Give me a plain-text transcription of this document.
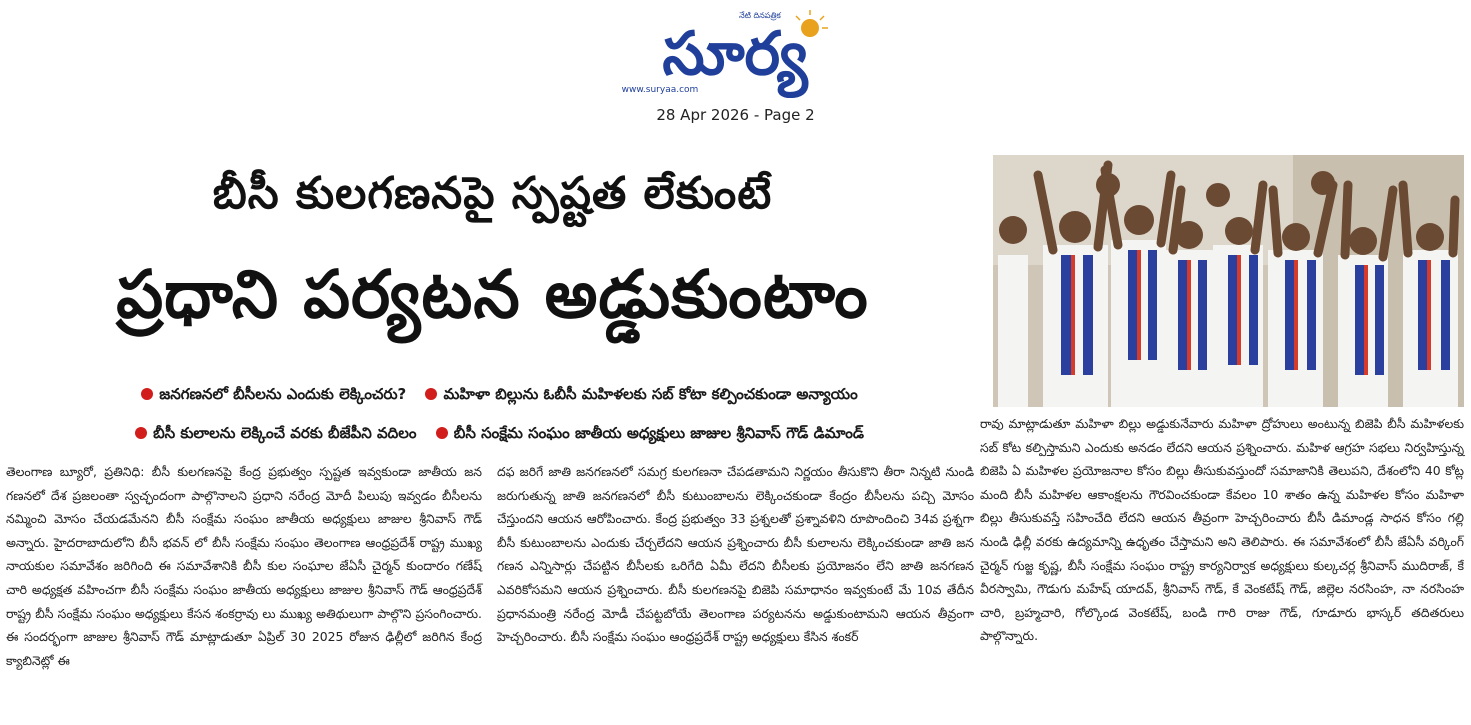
సూర్య
నేటి దినపత్రిక
www.suryaa.com
28 Apr 2026 - Page 2
బీసీ కులగణనపై స్పష్టత లేకుంటే
ప్రధాని పర్యటన అడ్డుకుంటాం
జనగణనలో బీసీలను ఎందుకు లెక్కించరు? మహిళా బిల్లును ఓబీసీ మహిళలకు సబ్ కోటా కల్పించకుండా అన్యాయం
బీసీ కులాలను లెక్కించే వరకు బీజేపీని వదిలం బీసీ సంక్షేమ సంఘం జాతీయ అధ్యక్షులు జాజుల శ్రీనివాస్ గౌడ్ డిమాండ్

తెలంగాణ బ్యూరో, ప్రతినిధి: బీసీ కులగణనపై కేంద్ర ప్రభుత్వం స్పష్టత ఇవ్వకుండా జాతీయ జన గణనలో దేశ ప్రజలంతా స్వచ్ఛందంగా పాల్గొనాలని ప్రధాని నరేంద్ర మోదీ పిలుపు ఇవ్వడం బీసీలను నమ్మించి మోసం చేయడమేనని బీసీ సంక్షేమ సంఘం జాతీయ అధ్యక్షులు జాజుల శ్రీనివాస్ గౌడ్ అన్నారు. హైదరాబాదులోని బీసీ భవన్ లో బీసీ సంక్షేమ సంఘం తెలంగాణ ఆంధ్రప్రదేశ్ రాష్ట్ర ముఖ్య నాయకుల సమావేశం జరిగింది ఈ సమావేశానికి బీసీ కుల సంఘాల జేఏసీ చైర్మన్ కుందారం గణేష్ చారి అధ్యక్షత వహించగా బీసీ సంక్షేమ సంఘం జాతీయ అధ్యక్షులు జాజుల శ్రీనివాస్ గౌడ్ ఆంధ్రప్రదేశ్ రాష్ట్ర బీసీ సంక్షేమ సంఘం అధ్యక్షులు కేసన శంకర్రావు లు ముఖ్య అతిథులుగా పాల్గొని ప్రసంగించారు. ఈ సందర్భంగా జాజుల శ్రీనివాస్ గౌడ్ మాట్లాడుతూ ఏప్రిల్ 30 2025 రోజున ఢిల్లీలో జరిగిన కేంద్ర క్యాబినెట్లో ఈ

దఫ జరిగే జాతి జనగణనలో సమగ్ర కులగణనా చేపడతామని నిర్ణయం తీసుకొని తీరా నిన్నటి నుండి జరుగుతున్న జాతి జనగణనలో బీసీ కుటుంబాలను లెక్కించకుండా కేంద్రం బీసీలను పచ్చి మోసం చేస్తుందని ఆయన ఆరోపించారు. కేంద్ర ప్రభుత్వం 33 ప్రశ్నలతో ప్రశ్నావళిని రూపొందించి 34వ ప్రశ్నగా బీసీ కుటుంబాలను ఎందుకు చేర్చలేదని ఆయన ప్రశ్నించారు బీసీ కులాలను లెక్కించకుండా జాతి జన గణన ఎన్నిసార్లు చేపట్టిన బీసీలకు ఒరిగేది ఏమీ లేదని బీసీలకు ప్రయోజనం లేని జాతి జనగణన ఎవరికోసమని ఆయన ప్రశ్నించారు. బీసీ కులగణనపై బిజెపి సమాధానం ఇవ్వకుంటే మే 10వ తేదీన ప్రధానమంత్రి నరేంద్ర మోడీ చేపట్టబోయే తెలంగాణ పర్యటనను అడ్డుకుంటామని ఆయన తీవ్రంగా హెచ్చరించారు. బీసీ సంక్షేమ సంఘం ఆంధ్రప్రదేశ్ రాష్ట్ర అధ్యక్షులు కేసిన శంకర్

రావు మాట్లాడుతూ మహిళా బిల్లు అడ్డుకునేవారు మహిళా ద్రోహులు అంటున్న బిజెపి బీసీ మహిళలకు సబ్ కోట కల్పిస్తామని ఎందుకు అనడం లేదని ఆయన ప్రశ్నించారు. మహిళ ఆగ్రహ సభలు నిర్వహిస్తున్న బిజెపి ఏ మహిళల ప్రయోజనాల కోసం బిల్లు తీసుకువస్తుందో సమాజానికి తెలుపని, దేశంలోని 40 కోట్ల మంది బీసీ మహిళల ఆకాంక్షలను గౌరవించకుండా కేవలం 10 శాతం ఉన్న మహిళల కోసం మహిళా బిల్లు తీసుకువస్తే సహించేది లేదని ఆయన తీవ్రంగా హెచ్చరించారు బీసీ డిమాండ్ల సాధన కోసం గల్లి నుండి ఢిల్లీ వరకు ఉద్యమాన్ని ఉధృతం చేస్తామని అని తెలిపారు. ఈ సమావేశంలో బీసీ జేఏసీ వర్కింగ్ చైర్మన్ గుజ్జ కృష్ణ, బీసీ సంక్షేమ సంఘం రాష్ట్ర కార్యనిర్వాక అధ్యక్షులు కుల్కచర్ల శ్రీనివాస్ ముదిరాజ్, కే వీరస్వామి, గౌడుగు మహేష్ యాదవ్, శ్రీనివాస్ గౌడ్, కే వెంకటేష్ గౌడ్, జిల్లెల నరసింహ, నా నరసింహ చారి, బ్రహ్మచారి, గోల్కొండ వెంకటేష్, బండి గారి రాజు గౌడ్, గూడూరు భాస్కర్ తదితరులు పాల్గొన్నారు.
